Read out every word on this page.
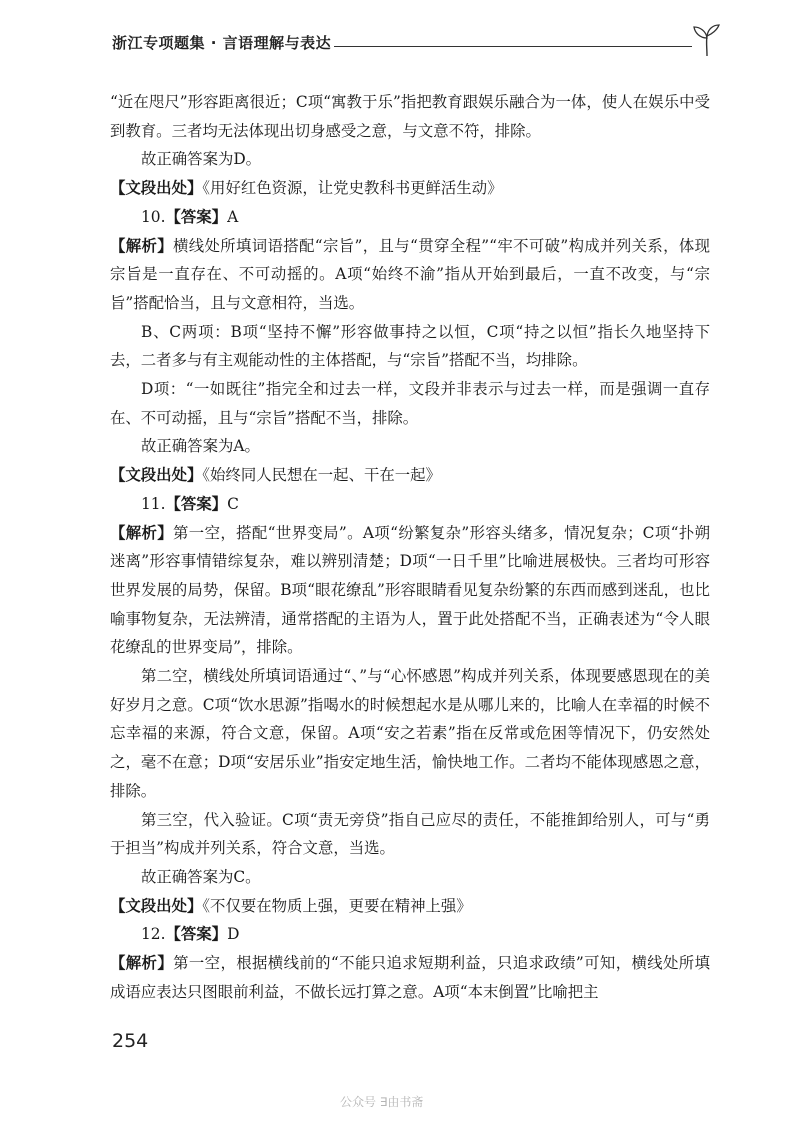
浙江专项题集 · 言语理解与表达

“近在咫尺”形容距离很近；C项“寓教于乐”指把教育跟娱乐融合为一体，使人在娱乐中受到教育。三者均无法体现出切身感受之意，与文意不符，排除。

故正确答案为D。

【文段出处】《用好红色资源，让党史教科书更鲜活生动》

10.【答案】A

【解析】横线处所填词语搭配“宗旨”，且与“贯穿全程”“牢不可破”构成并列关系，体现宗旨是一直存在、不可动摇的。A项“始终不渝”指从开始到最后，一直不改变，与“宗旨”搭配恰当，且与文意相符，当选。

B、C两项：B项“坚持不懈”形容做事持之以恒，C项“持之以恒”指长久地坚持下去，二者多与有主观能动性的主体搭配，与“宗旨”搭配不当，均排除。

D项：“一如既往”指完全和过去一样，文段并非表示与过去一样，而是强调一直存在、不可动摇，且与“宗旨”搭配不当，排除。

故正确答案为A。

【文段出处】《始终同人民想在一起、干在一起》

11.【答案】C

【解析】第一空，搭配“世界变局”。A项“纷繁复杂”形容头绪多，情况复杂；C项“扑朔迷离”形容事情错综复杂，难以辨别清楚；D项“一日千里”比喻进展极快。三者均可形容世界发展的局势，保留。B项“眼花缭乱”形容眼睛看见复杂纷繁的东西而感到迷乱，也比喻事物复杂，无法辨清，通常搭配的主语为人，置于此处搭配不当，正确表述为“令人眼花缭乱的世界变局”，排除。

第二空，横线处所填词语通过“、”与“心怀感恩”构成并列关系，体现要感恩现在的美好岁月之意。C项“饮水思源”指喝水的时候想起水是从哪儿来的，比喻人在幸福的时候不忘幸福的来源，符合文意，保留。A项“安之若素”指在反常或危困等情况下，仍安然处之，毫不在意；D项“安居乐业”指安定地生活，愉快地工作。二者均不能体现感恩之意，排除。

第三空，代入验证。C项“责无旁贷”指自己应尽的责任，不能推卸给别人，可与“勇于担当”构成并列关系，符合文意，当选。

故正确答案为C。

【文段出处】《不仅要在物质上强，更要在精神上强》

12.【答案】D

【解析】第一空，根据横线前的“不能只追求短期利益，只追求政绩”可知，横线处所填成语应表达只图眼前利益，不做长远打算之意。A项“本末倒置”比喻把主

254
公众号 ∃由书斋
